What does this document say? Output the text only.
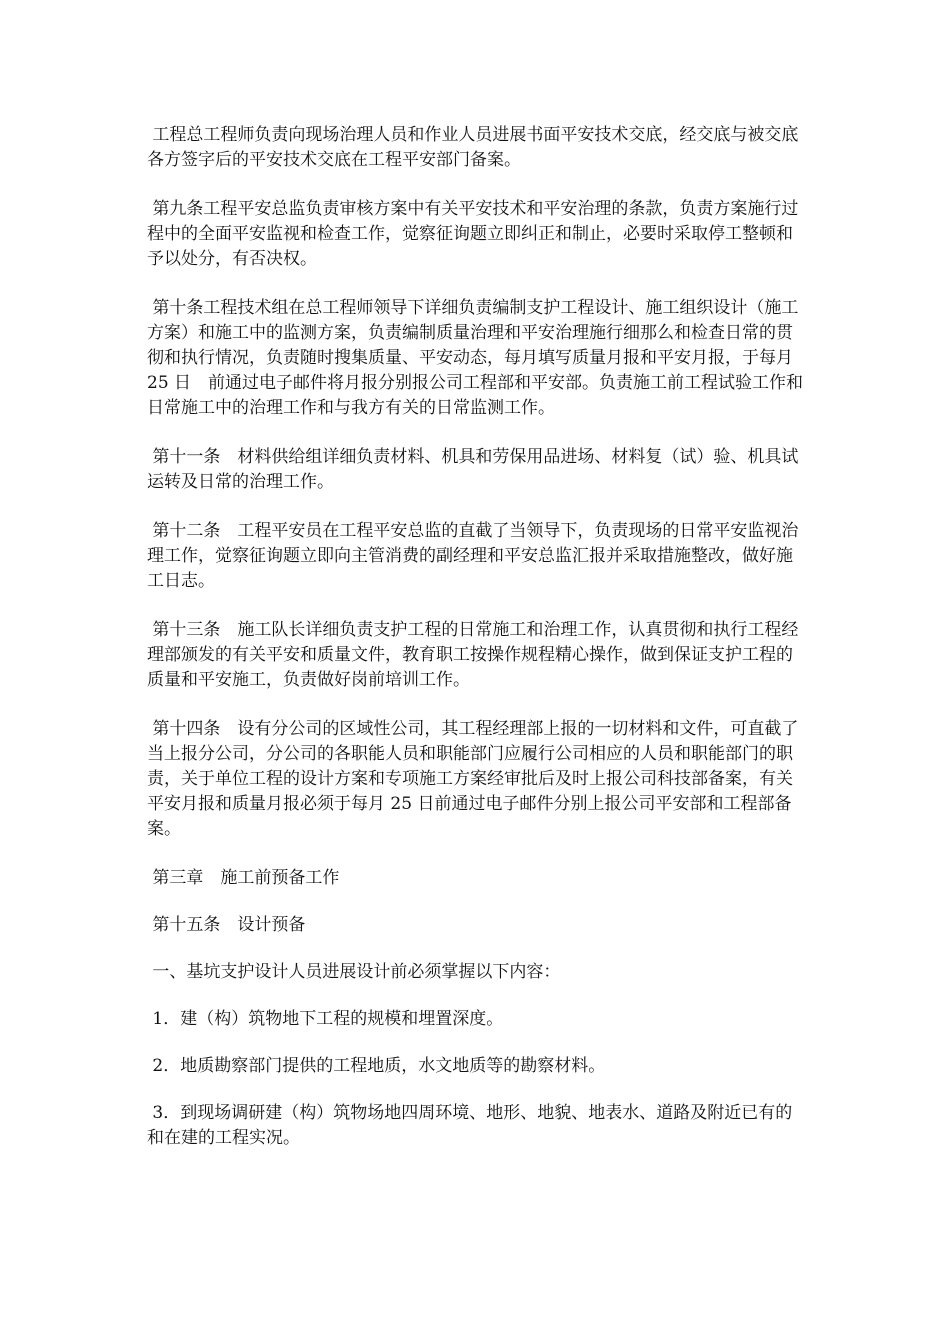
工程总工程师负责向现场治理人员和作业人员进展书面平安技术交底，经交底与被交底各方签字后的平安技术交底在工程平安部门备案。

第九条工程平安总监负责审核方案中有关平安技术和平安治理的条款，负责方案施行过程中的全面平安监视和检查工作，觉察征询题立即纠正和制止，必要时采取停工整顿和予以处分，有否决权。

第十条工程技术组在总工程师领导下详细负责编制支护工程设计、施工组织设计（施工方案）和施工中的监测方案，负责编制质量治理和平安治理施行细那么和检查日常的贯彻和执行情况，负责随时搜集质量、平安动态，每月填写质量月报和平安月报，于每月 25 日　前通过电子邮件将月报分别报公司工程部和平安部。负责施工前工程试验工作和日常施工中的治理工作和与我方有关的日常监测工作。

第十一条　材料供给组详细负责材料、机具和劳保用品进场、材料复（试）验、机具试运转及日常的治理工作。

第十二条　工程平安员在工程平安总监的直截了当领导下，负责现场的日常平安监视治理工作，觉察征询题立即向主管消费的副经理和平安总监汇报并采取措施整改，做好施工日志。

第十三条　施工队长详细负责支护工程的日常施工和治理工作，认真贯彻和执行工程经理部颁发的有关平安和质量文件，教育职工按操作规程精心操作，做到保证支护工程的质量和平安施工，负责做好岗前培训工作。

第十四条　设有分公司的区域性公司，其工程经理部上报的一切材料和文件，可直截了当上报分公司，分公司的各职能人员和职能部门应履行公司相应的人员和职能部门的职责，关于单位工程的设计方案和专项施工方案经审批后及时上报公司科技部备案，有关平安月报和质量月报必须于每月 25 日前通过电子邮件分别上报公司平安部和工程部备案。

第三章　施工前预备工作

第十五条　设计预备

一、基坑支护设计人员进展设计前必须掌握以下内容：

1．建（构）筑物地下工程的规模和埋置深度。

2．地质勘察部门提供的工程地质，水文地质等的勘察材料。

3．到现场调研建（构）筑物场地四周环境、地形、地貌、地表水、道路及附近已有的和在建的工程实况。
